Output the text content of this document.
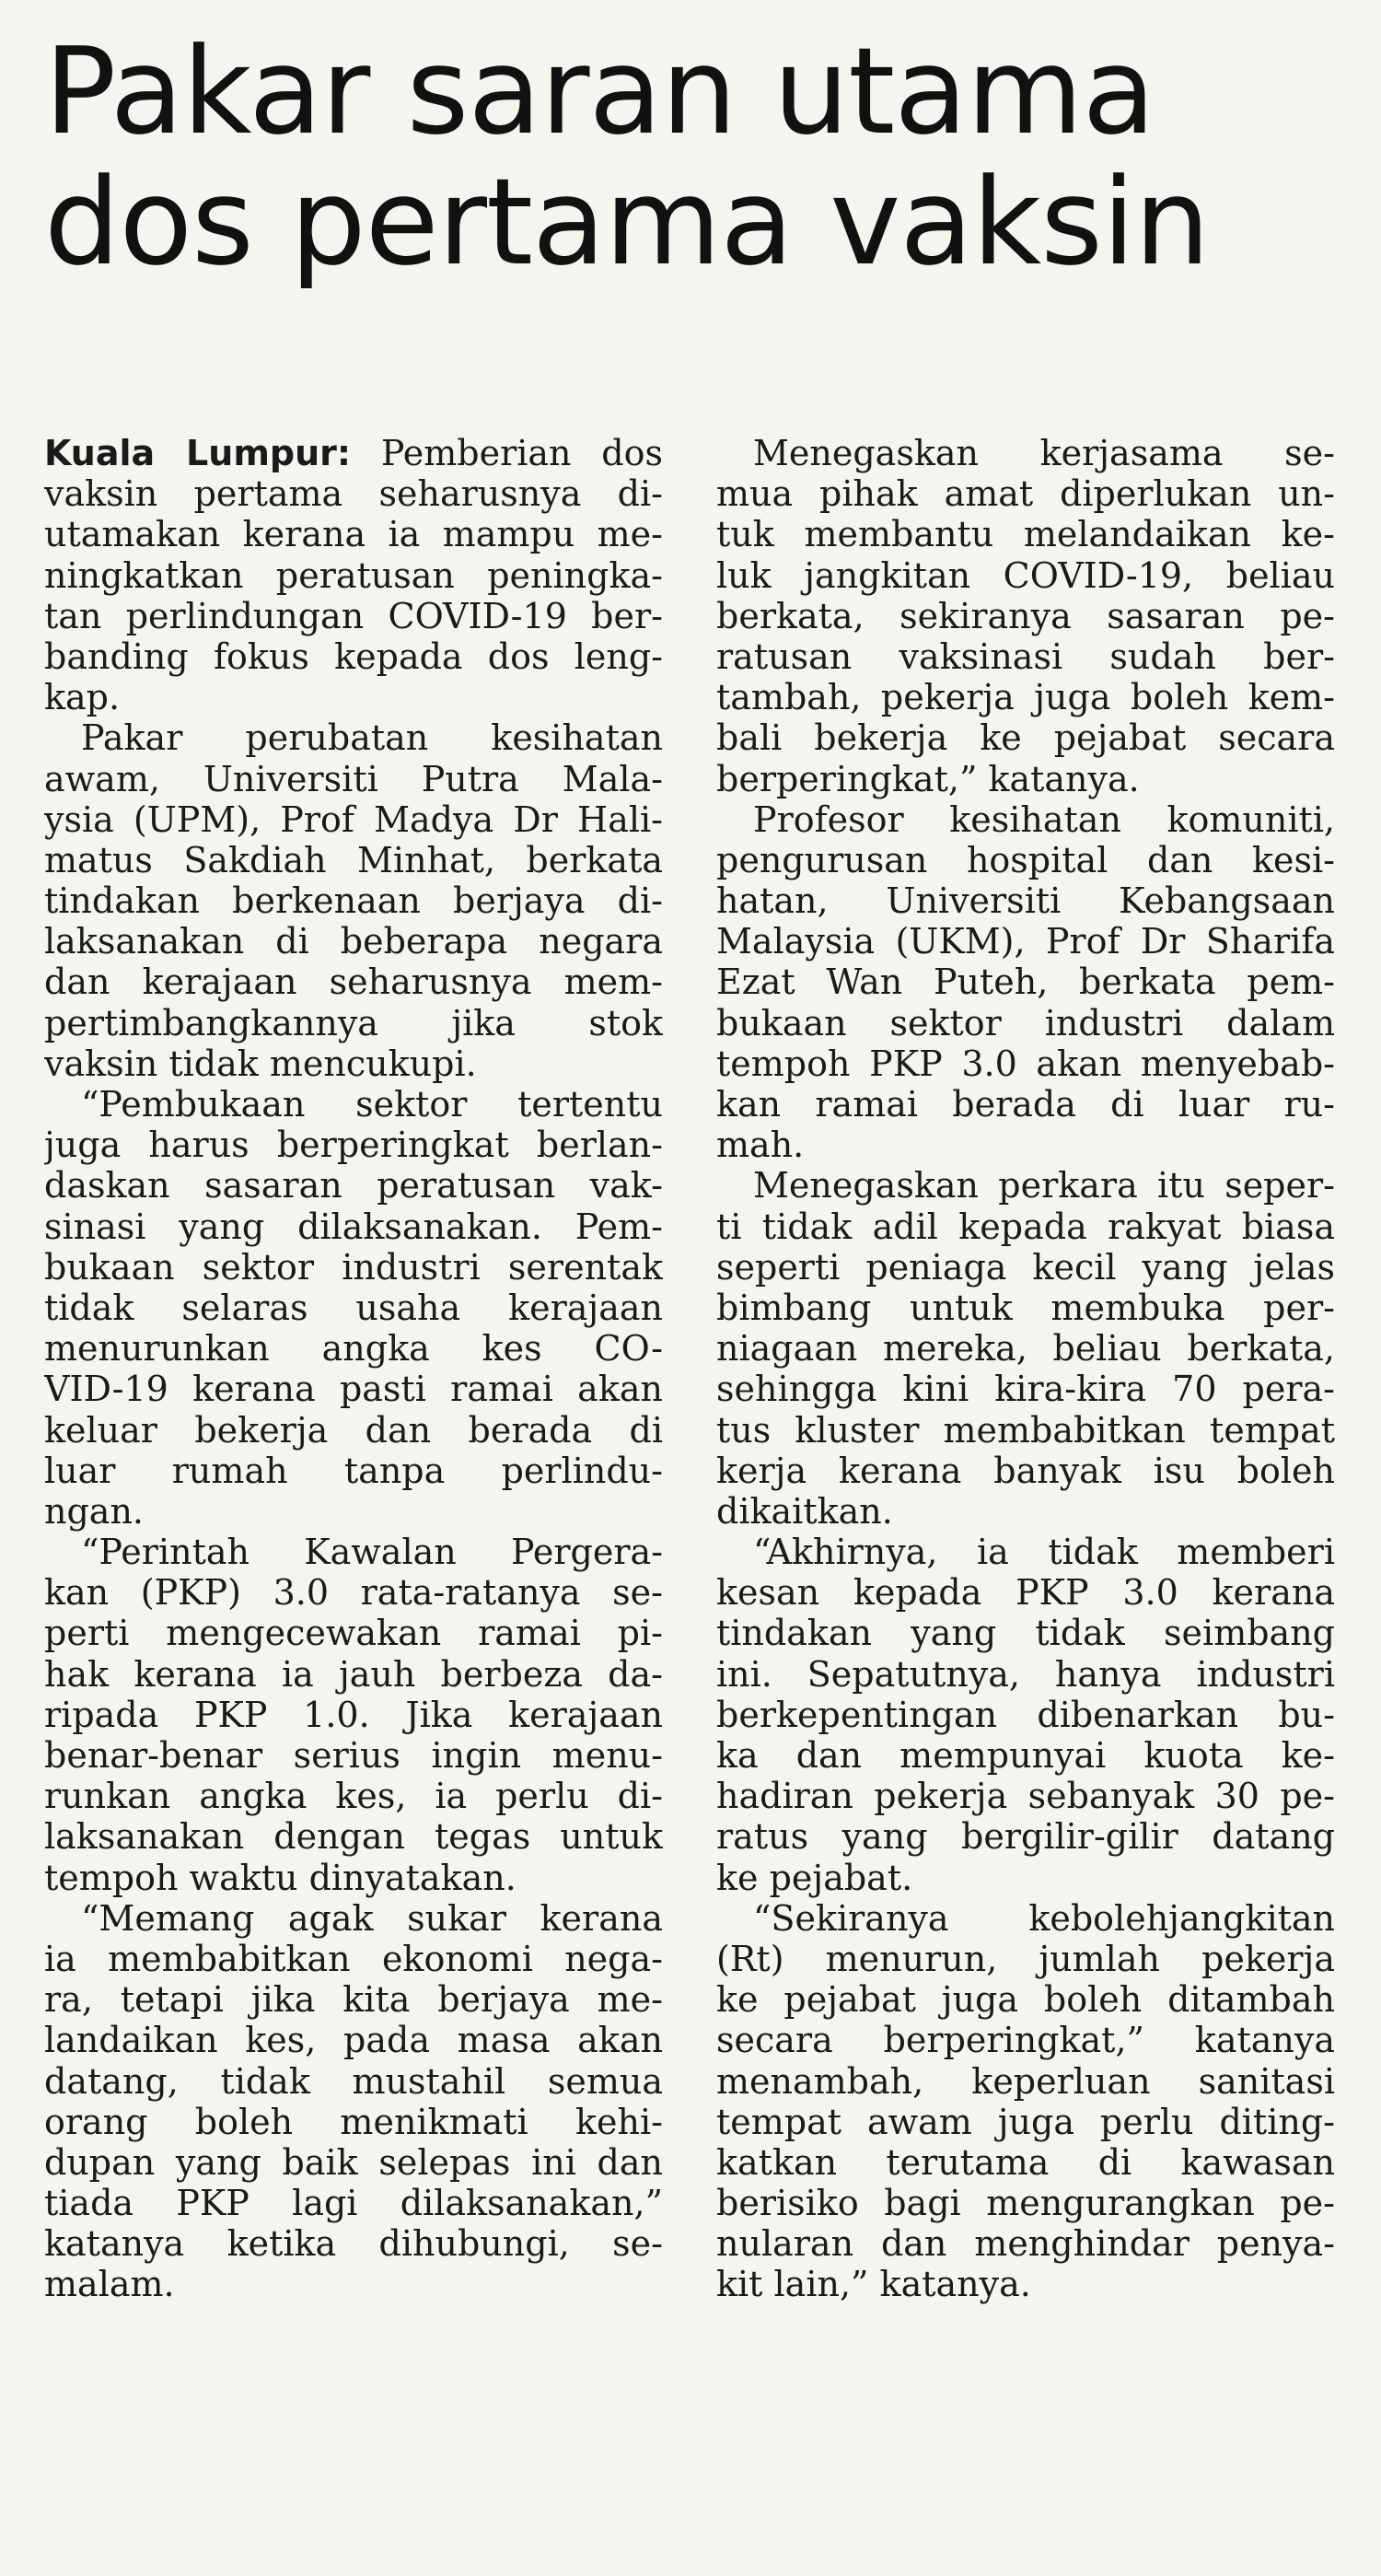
Pakar saran utama
dos pertama vaksin
Kuala Lumpur: Pemberian dos
vaksin pertama seharusnya di-
utamakan kerana ia mampu me-
ningkatkan peratusan peningka-
tan perlindungan COVID-19 ber-
banding fokus kepada dos leng-
kap.
Pakar perubatan kesihatan
awam, Universiti Putra Mala-
ysia (UPM), Prof Madya Dr Hali-
matus Sakdiah Minhat, berkata
tindakan berkenaan berjaya di-
laksanakan di beberapa negara
dan kerajaan seharusnya mem-
pertimbangkannya jika stok
vaksin tidak mencukupi.
“Pembukaan sektor tertentu
juga harus berperingkat berlan-
daskan sasaran peratusan vak-
sinasi yang dilaksanakan. Pem-
bukaan sektor industri serentak
tidak selaras usaha kerajaan
menurunkan angka kes CO-
VID-19 kerana pasti ramai akan
keluar bekerja dan berada di
luar rumah tanpa perlindu-
ngan.
“Perintah Kawalan Pergera-
kan (PKP) 3.0 rata-ratanya se-
perti mengecewakan ramai pi-
hak kerana ia jauh berbeza da-
ripada PKP 1.0. Jika kerajaan
benar-benar serius ingin menu-
runkan angka kes, ia perlu di-
laksanakan dengan tegas untuk
tempoh waktu dinyatakan.
“Memang agak sukar kerana
ia membabitkan ekonomi nega-
ra, tetapi jika kita berjaya me-
landaikan kes, pada masa akan
datang, tidak mustahil semua
orang boleh menikmati kehi-
dupan yang baik selepas ini dan
tiada PKP lagi dilaksanakan,”
katanya ketika dihubungi, se-
malam.
Menegaskan kerjasama se-
mua pihak amat diperlukan un-
tuk membantu melandaikan ke-
luk jangkitan COVID-19, beliau
berkata, sekiranya sasaran pe-
ratusan vaksinasi sudah ber-
tambah, pekerja juga boleh kem-
bali bekerja ke pejabat secara
berperingkat,” katanya.
Profesor kesihatan komuniti,
pengurusan hospital dan kesi-
hatan, Universiti Kebangsaan
Malaysia (UKM), Prof Dr Sharifa
Ezat Wan Puteh, berkata pem-
bukaan sektor industri dalam
tempoh PKP 3.0 akan menyebab-
kan ramai berada di luar ru-
mah.
Menegaskan perkara itu seper-
ti tidak adil kepada rakyat biasa
seperti peniaga kecil yang jelas
bimbang untuk membuka per-
niagaan mereka, beliau berkata,
sehingga kini kira-kira 70 pera-
tus kluster membabitkan tempat
kerja kerana banyak isu boleh
dikaitkan.
“Akhirnya, ia tidak memberi
kesan kepada PKP 3.0 kerana
tindakan yang tidak seimbang
ini. Sepatutnya, hanya industri
berkepentingan dibenarkan bu-
ka dan mempunyai kuota ke-
hadiran pekerja sebanyak 30 pe-
ratus yang bergilir-gilir datang
ke pejabat.
“Sekiranya kebolehjangkitan
(Rt) menurun, jumlah pekerja
ke pejabat juga boleh ditambah
secara berperingkat,” katanya
menambah, keperluan sanitasi
tempat awam juga perlu diting-
katkan terutama di kawasan
berisiko bagi mengurangkan pe-
nularan dan menghindar penya-
kit lain,” katanya.
